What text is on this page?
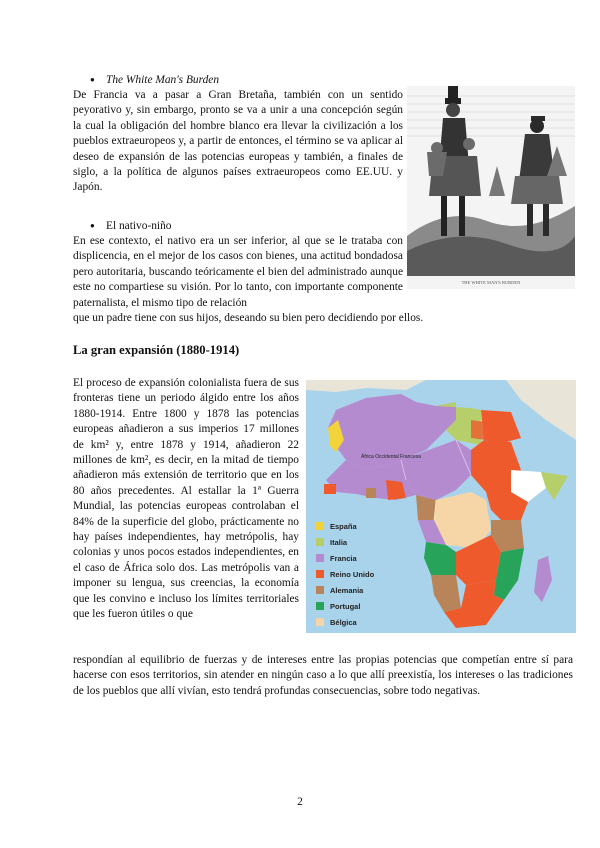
● The White Man's Burden

De Francia va a pasar a Gran Bretaña, también con un sentido peyorativo y, sin embargo, pronto se va a unir a una concepción según la cual la obligación del hombre blanco era llevar la civilización a los pueblos extraeuropeos y, a partir de entonces, el término se va aplicar al deseo de expansión de las potencias europeas y también, a finales de siglo, a la política de algunos países extraeuropeos como EE.UU. y Japón.

● El nativo-niño

En ese contexto, el nativo era un ser inferior, al que se le trataba con displicencia, en el mejor de los casos con bienes, una actitud bondadosa pero autoritaria, buscando teóricamente el bien del administrado aunque este no compartiese su visión. Por lo tanto, con importante componente paternalista, el mismo tipo de relación

que un padre tiene con sus hijos, deseando su bien pero decidiendo por ellos.

THE WHITE MAN'S BURDEN
La gran expansión (1880-1914)

El proceso de expansión colonialista fuera de sus fronteras tiene un periodo álgido entre los años 1880-1914. Entre 1800 y 1878 las potencias europeas añadieron a sus imperios 17 millones de km² y, entre 1878 y 1914, añadieron 22 millones de km², es decir, en la mitad de tiempo añadieron más extensión de territorio que en los 80 años precedentes. Al estallar la 1ª Guerra Mundial, las potencias europeas controlaban el 84% de la superficie del globo, prácticamente no hay países independientes, hay metrópolis, hay colonias y unos pocos estados independientes, en el caso de África solo dos. Las metrópolis van a imponer su lengua, sus creencias, la economía que les convino e incluso los límites territoriales que les fueron útiles o que

respondían al equilibrio de fuerzas y de intereses entre las propias potencias que competían entre sí para hacerse con esos territorios, sin atender en ningún caso a lo que allí preexistía, los intereses o las tradiciones de los pueblos que allí vivían, esto tendrá profundas consecuencias, sobre todo negativas.

África Occidental Francesa
España
Italia
Francia
Reino Unido
Alemania
Portugal
Bélgica
2
